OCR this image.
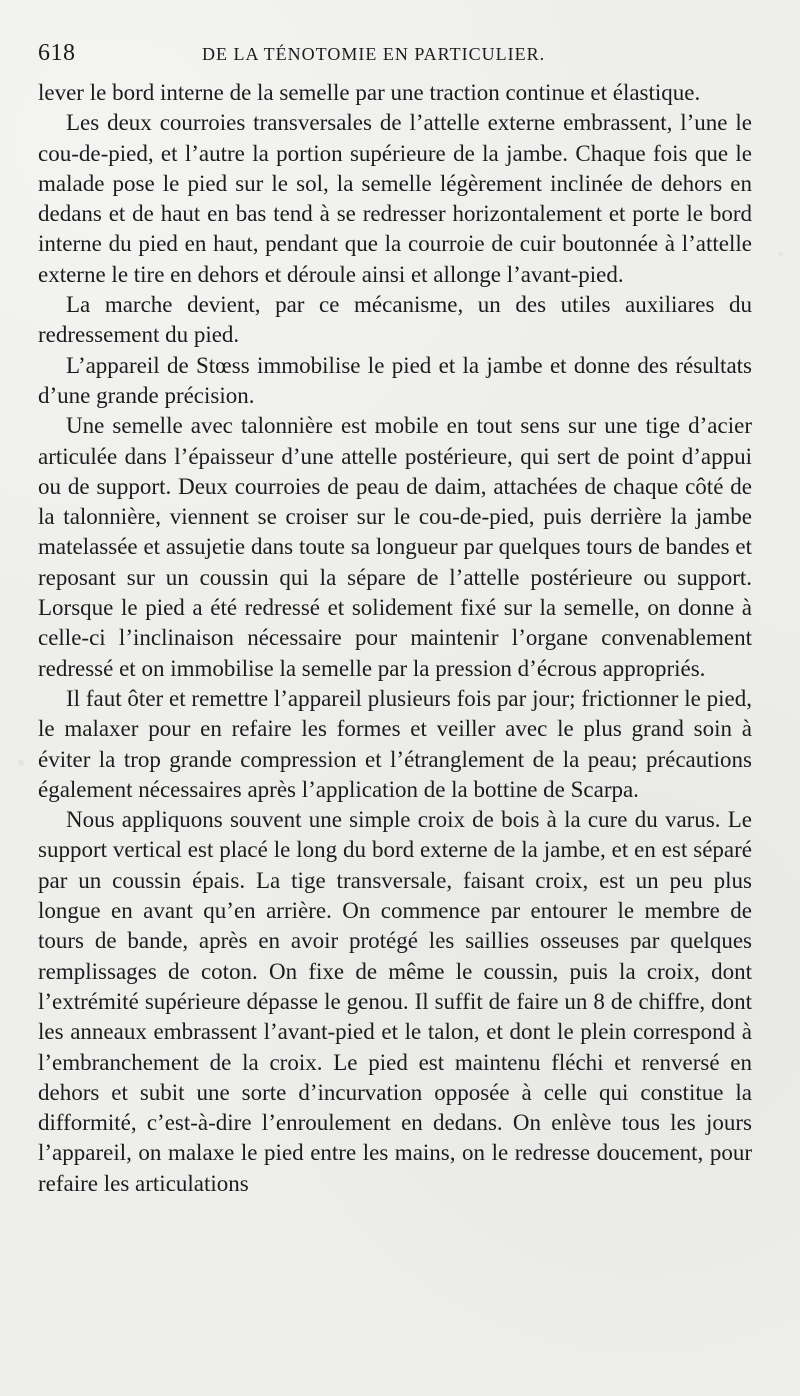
618	DE LA TÉNOTOMIE EN PARTICULIER.

lever le bord interne de la semelle par une traction continue et élastique.

Les deux courroies transversales de l’attelle externe embrassent, l’une le cou-de-pied, et l’autre la portion supérieure de la jambe. Chaque fois que le malade pose le pied sur le sol, la semelle légèrement inclinée de dehors en dedans et de haut en bas tend à se redresser horizontalement et porte le bord interne du pied en haut, pendant que la courroie de cuir boutonnée à l’attelle externe le tire en dehors et déroule ainsi et allonge l’avant-pied.

La marche devient, par ce mécanisme, un des utiles auxiliares du redressement du pied.

L’appareil de Stœss immobilise le pied et la jambe et donne des résultats d’une grande précision.

Une semelle avec talonnière est mobile en tout sens sur une tige d’acier articulée dans l’épaisseur d’une attelle postérieure, qui sert de point d’appui ou de support. Deux courroies de peau de daim, attachées de chaque côté de la talonnière, viennent se croiser sur le cou-de-pied, puis derrière la jambe matelassée et assujetie dans toute sa longueur par quelques tours de bandes et reposant sur un coussin qui la sépare de l’attelle postérieure ou support. Lorsque le pied a été redressé et solidement fixé sur la semelle, on donne à celle-ci l’inclinaison nécessaire pour maintenir l’organe convenablement redressé et on immobilise la semelle par la pression d’écrous appropriés.

Il faut ôter et remettre l’appareil plusieurs fois par jour; frictionner le pied, le malaxer pour en refaire les formes et veiller avec le plus grand soin à éviter la trop grande compression et l’étranglement de la peau; précautions également nécessaires après l’application de la bottine de Scarpa.

Nous appliquons souvent une simple croix de bois à la cure du varus. Le support vertical est placé le long du bord externe de la jambe, et en est séparé par un coussin épais. La tige transversale, faisant croix, est un peu plus longue en avant qu’en arrière. On commence par entourer le membre de tours de bande, après en avoir protégé les saillies osseuses par quelques remplissages de coton. On fixe de même le coussin, puis la croix, dont l’extrémité supérieure dépasse le genou. Il suffit de faire un 8 de chiffre, dont les anneaux embrassent l’avant-pied et le talon, et dont le plein correspond à l’embranchement de la croix. Le pied est maintenu fléchi et renversé en dehors et subit une sorte d’incurvation opposée à celle qui constitue la difformité, c’est-à-dire l’enroulement en dedans. On enlève tous les jours l’appareil, on malaxe le pied entre les mains, on le redresse doucement, pour refaire les articulations
